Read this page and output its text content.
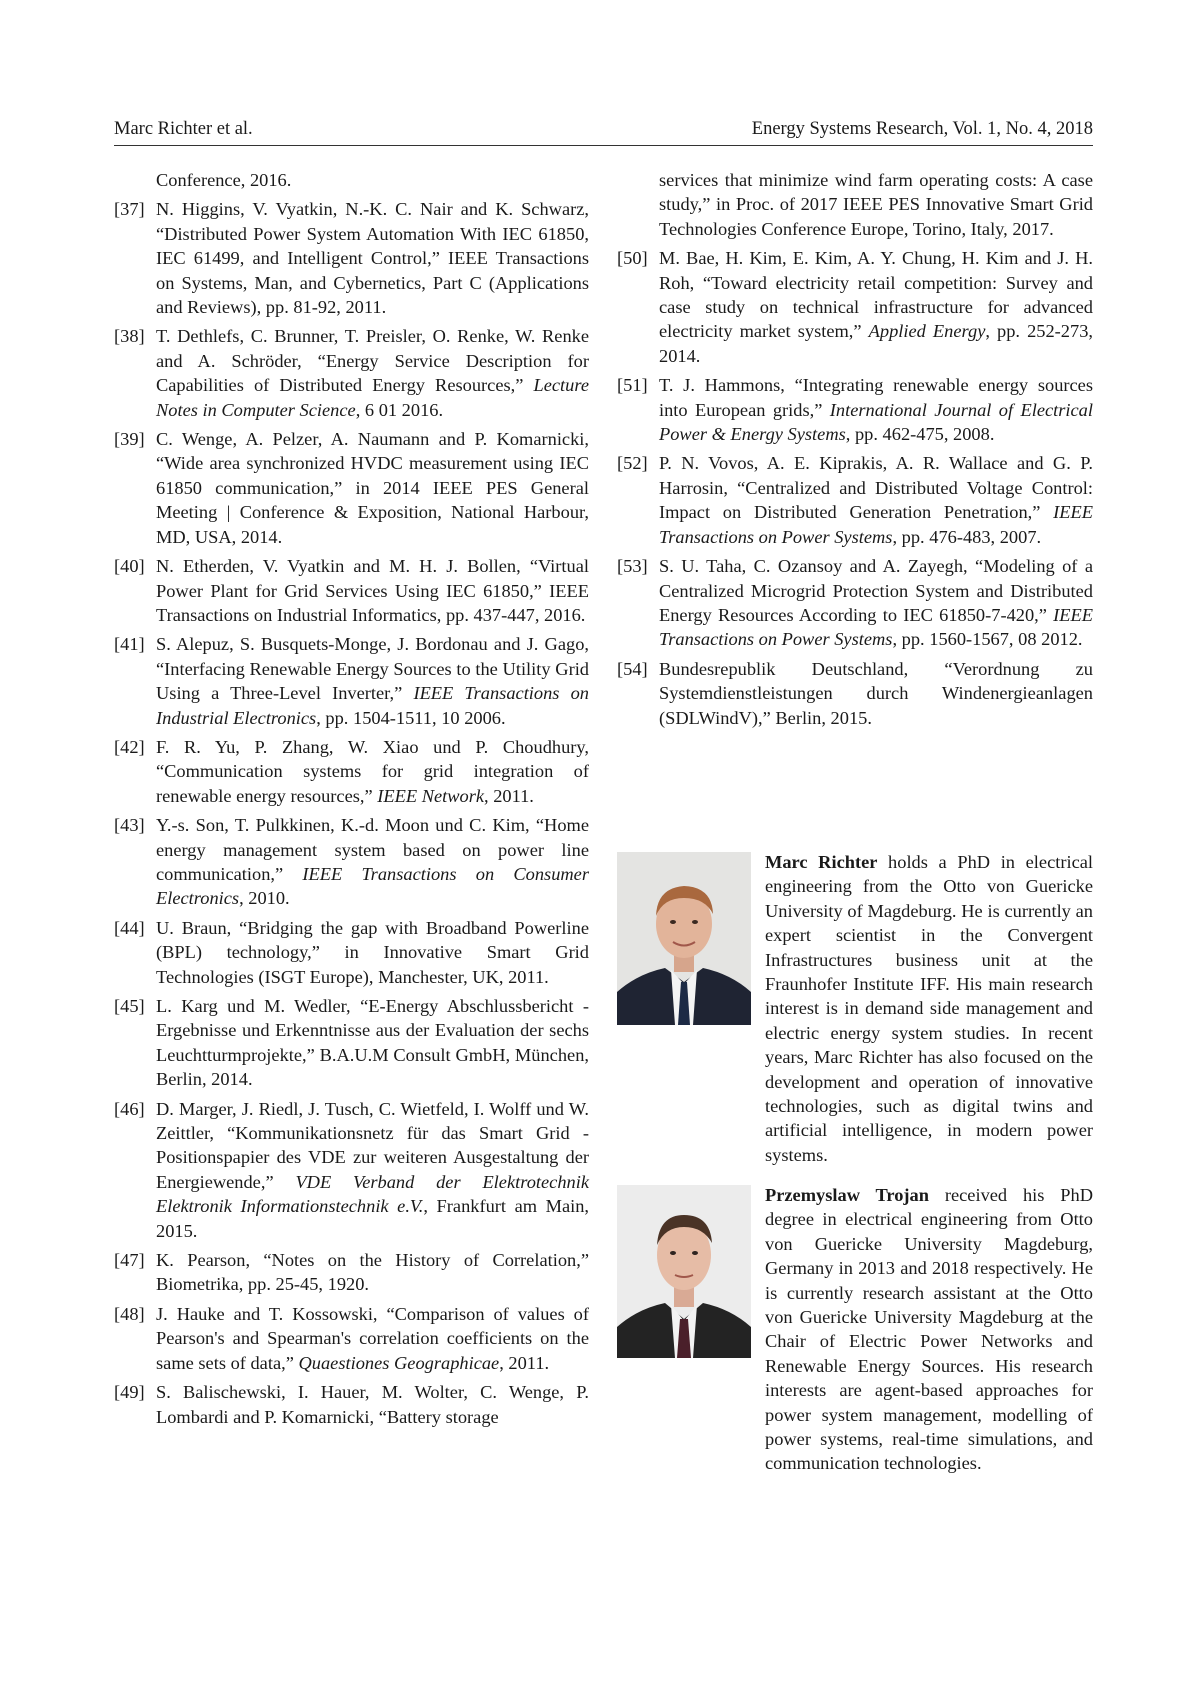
Marc Richter et al.	Energy Systems Research, Vol. 1, No. 4, 2018
Conference, 2016.
[37] N. Higgins, V. Vyatkin, N.-K. C. Nair and K. Schwarz, “Distributed Power System Automation With IEC 61850, IEC 61499, and Intelligent Control,” IEEE Transactions on Systems, Man, and Cybernetics, Part C (Applications and Reviews), pp. 81-92, 2011.
[38] T. Dethlefs, C. Brunner, T. Preisler, O. Renke, W. Renke and A. Schröder, “Energy Service Description for Capabilities of Distributed Energy Resources,” Lecture Notes in Computer Science, 6 01 2016.
[39] C. Wenge, A. Pelzer, A. Naumann and P. Komarnicki, “Wide area synchronized HVDC measurement using IEC 61850 communication,” in 2014 IEEE PES General Meeting | Conference & Exposition, National Harbour, MD, USA, 2014.
[40] N. Etherden, V. Vyatkin and M. H. J. Bollen, “Virtual Power Plant for Grid Services Using IEC 61850,” IEEE Transactions on Industrial Informatics, pp. 437-447, 2016.
[41] S. Alepuz, S. Busquets-Monge, J. Bordonau and J. Gago, “Interfacing Renewable Energy Sources to the Utility Grid Using a Three-Level Inverter,” IEEE Transactions on Industrial Electronics, pp. 1504-1511, 10 2006.
[42] F. R. Yu, P. Zhang, W. Xiao und P. Choudhury, “Communication systems for grid integration of renewable energy resources,” IEEE Network, 2011.
[43] Y.-s. Son, T. Pulkkinen, K.-d. Moon und C. Kim, “Home energy management system based on power line communication,” IEEE Transactions on Consumer Electronics, 2010.
[44] U. Braun, “Bridging the gap with Broadband Powerline (BPL) technology,” in Innovative Smart Grid Technologies (ISGT Europe), Manchester, UK, 2011.
[45] L. Karg und M. Wedler, “E-Energy Abschlussbericht - Ergebnisse und Erkenntnisse aus der Evaluation der sechs Leuchtturmprojekte,” B.A.U.M Consult GmbH, München, Berlin, 2014.
[46] D. Marger, J. Riedl, J. Tusch, C. Wietfeld, I. Wolff und W. Zeittler, “Kommunikationsnetz für das Smart Grid - Positionspapier des VDE zur weiteren Ausgestaltung der Energiewende,” VDE Verband der Elektrotechnik Elektronik Informationstechnik e.V., Frankfurt am Main, 2015.
[47] K. Pearson, “Notes on the History of Correlation,” Biometrika, pp. 25-45, 1920.
[48] J. Hauke and T. Kossowski, “Comparison of values of Pearson's and Spearman's correlation coefficients on the same sets of data,” Quaestiones Geographicae, 2011.
[49] S. Balischewski, I. Hauer, M. Wolter, C. Wenge, P. Lombardi and P. Komarnicki, “Battery storage
services that minimize wind farm operating costs: A case study,” in Proc. of 2017 IEEE PES Innovative Smart Grid Technologies Conference Europe, Torino, Italy, 2017.
[50] M. Bae, H. Kim, E. Kim, A. Y. Chung, H. Kim and J. H. Roh, “Toward electricity retail competition: Survey and case study on technical infrastructure for advanced electricity market system,” Applied Energy, pp. 252-273, 2014.
[51] T. J. Hammons, “Integrating renewable energy sources into European grids,” International Journal of Electrical Power & Energy Systems, pp. 462-475, 2008.
[52] P. N. Vovos, A. E. Kiprakis, A. R. Wallace and G. P. Harrosin, “Centralized and Distributed Voltage Control: Impact on Distributed Generation Penetration,” IEEE Transactions on Power Systems, pp. 476-483, 2007.
[53] S. U. Taha, C. Ozansoy and A. Zayegh, “Modeling of a Centralized Microgrid Protection System and Distributed Energy Resources According to IEC 61850-7-420,” IEEE Transactions on Power Systems, pp. 1560-1567, 08 2012.
[54] Bundesrepublik Deutschland, “Verordnung zu Systemdienstleistungen durch Windenergieanlagen (SDLWindV),” Berlin, 2015.
Marc Richter holds a PhD in electrical engineering from the Otto von Guericke University of Magdeburg. He is currently an expert scientist in the Convergent Infrastructures business unit at the Fraunhofer Institute IFF. His main research interest is in demand side management and electric energy system studies. In recent years, Marc Richter has also focused on the development and operation of innovative technologies, such as digital twins and artificial intelligence, in modern power systems.
Przemyslaw Trojan received his PhD degree in electrical engineering from Otto von Guericke University Magdeburg, Germany in 2013 and 2018 respectively. He is currently research assistant at the Otto von Guericke University Magdeburg at the Chair of Electric Power Networks and Renewable Energy Sources. His research interests are agent-based approaches for power system management, modelling of power systems, real-time simulations, and communication technologies.
